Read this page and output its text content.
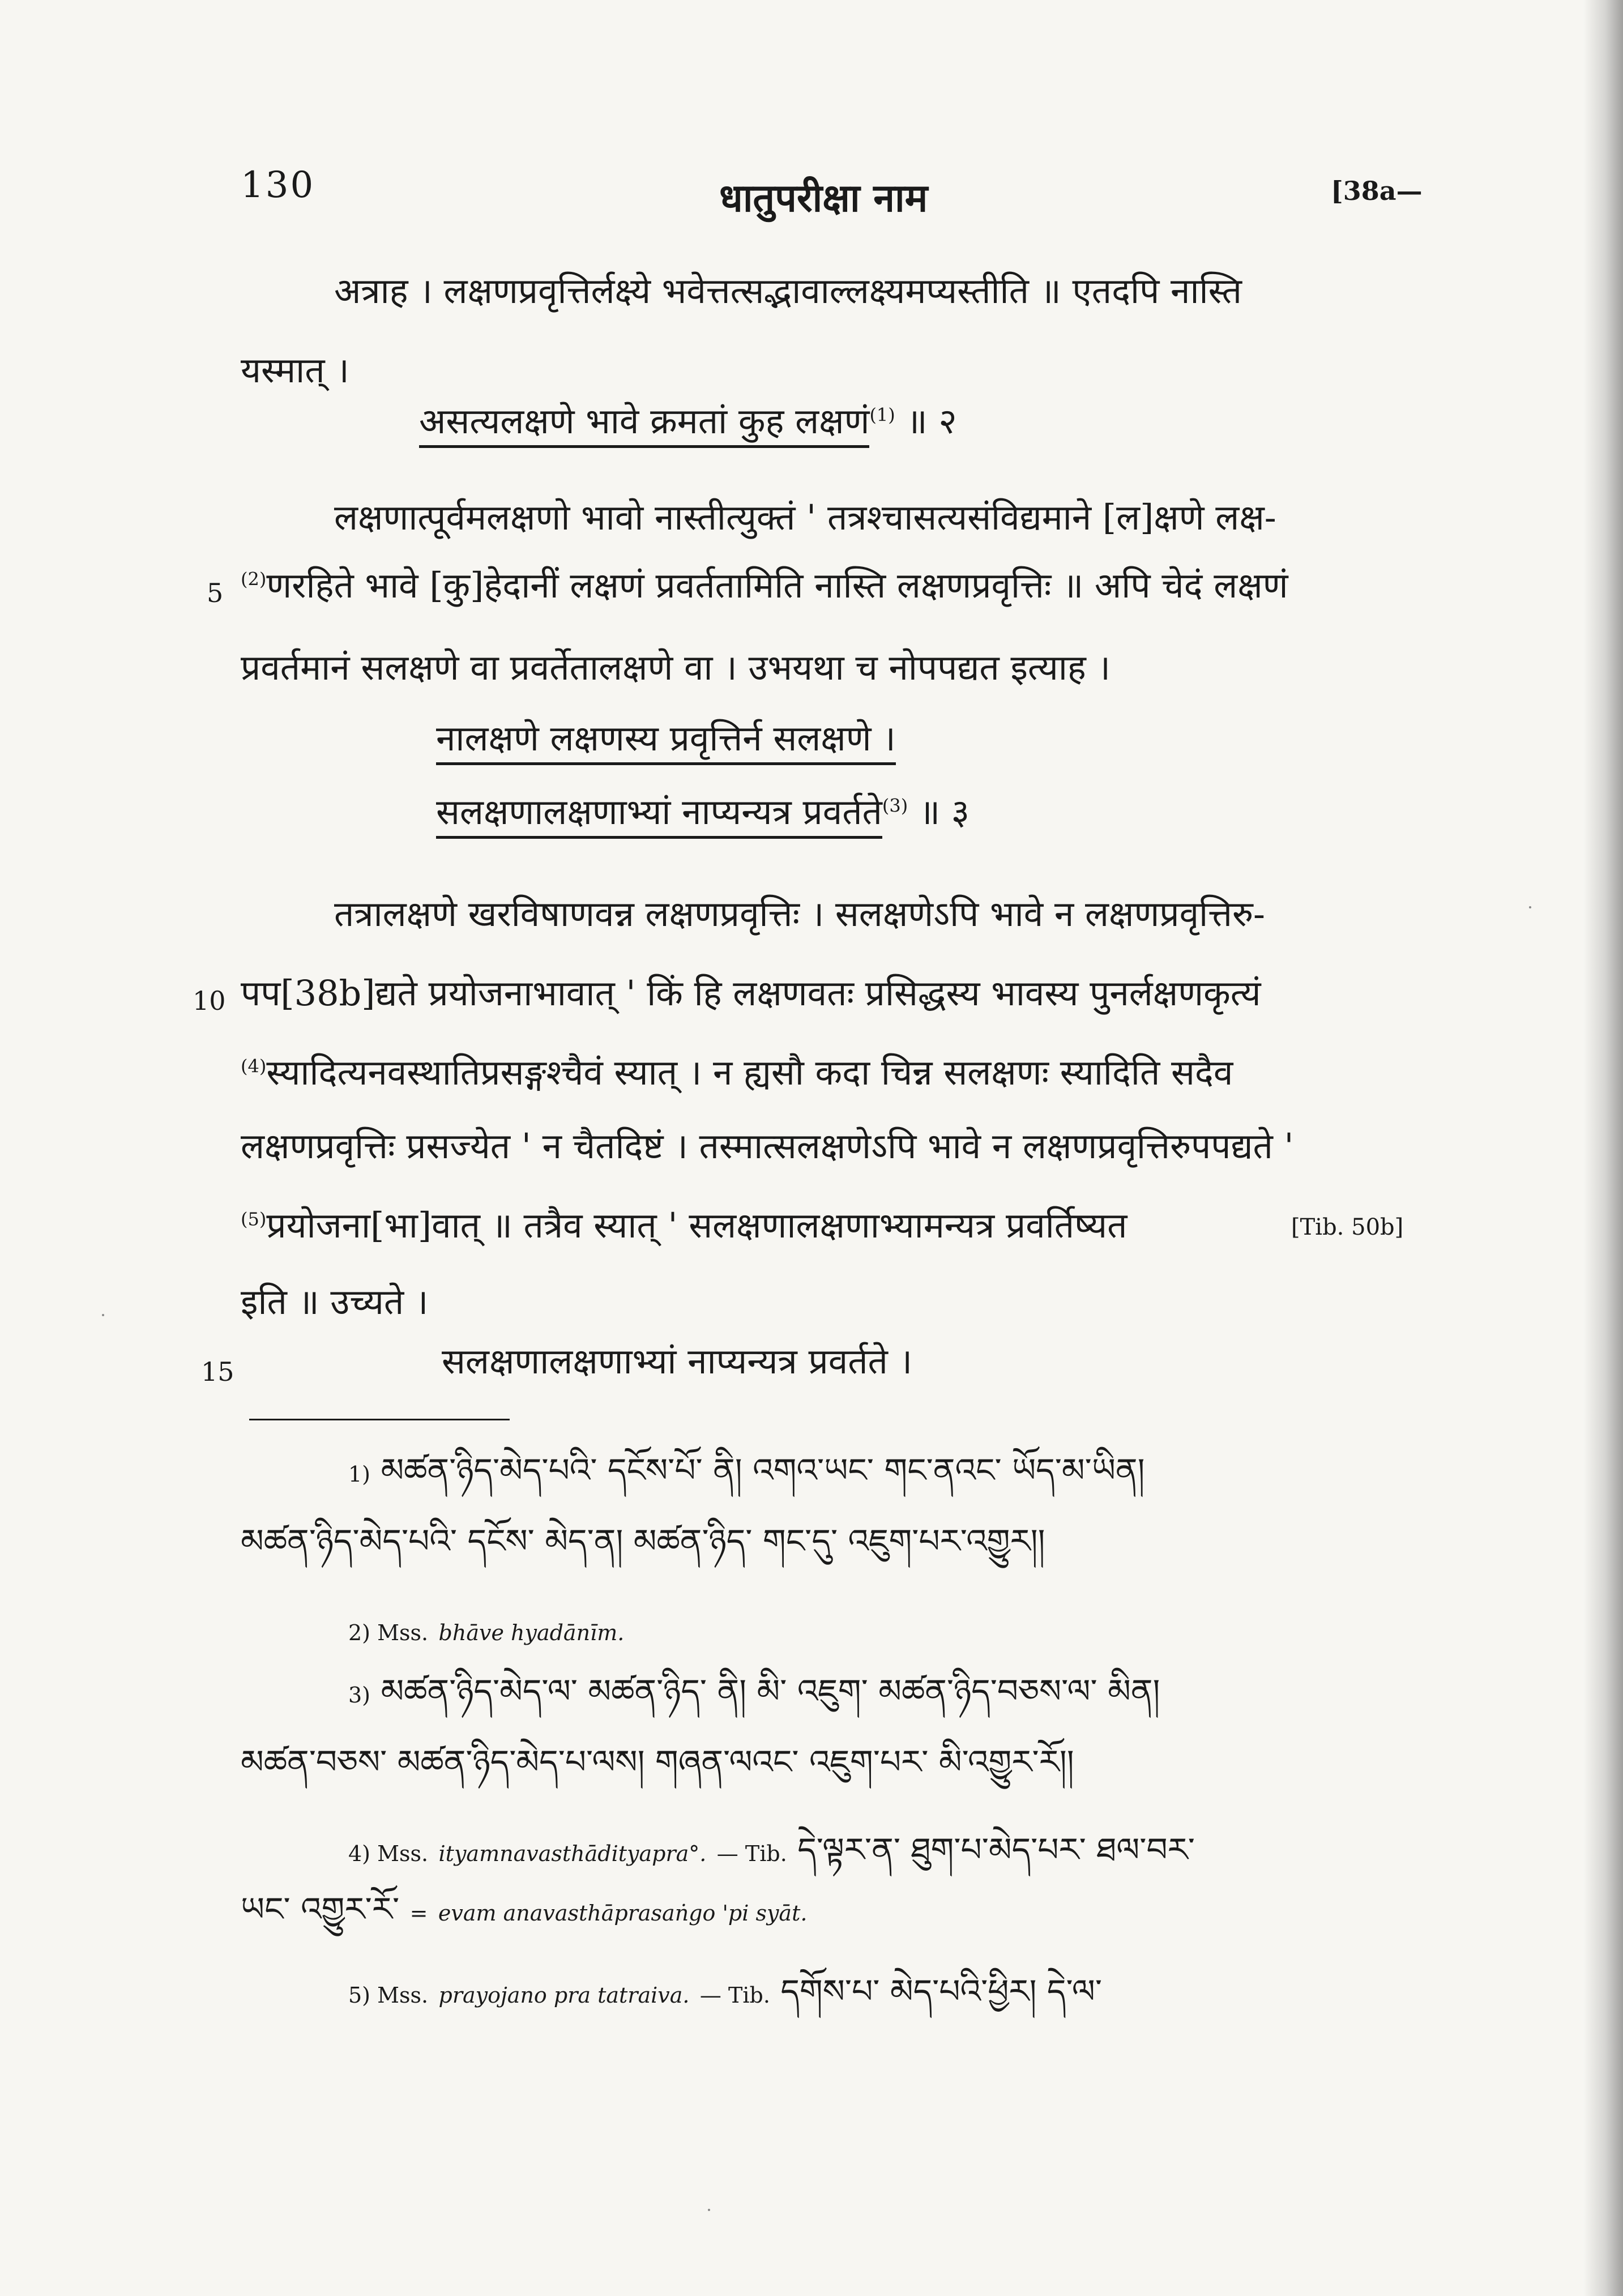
130	धातुपरीक्षा नाम	[38a—
अत्राह । लक्षणप्रवृत्तिर्लक्ष्ये भवेत्तत्सद्भावाल्लक्ष्यमप्यस्तीति ॥ एतदपि नास्ति
यस्मात् ।
असत्यलक्षणे भावे क्रमतां कुह लक्षणं$^{(1)}$ ॥ २
लक्षणात्पूर्वमलक्षणो भावो नास्तीत्युक्तं ' तत्रश्चासत्यसंविद्यमाने [ल]क्षणे लक्ष-
5 $^{(2)}$णरहिते भावे [कु]हेदानीं लक्षणं प्रवर्ततामिति नास्ति लक्षणप्रवृत्तिः ॥ अपि चेदं लक्षणं
प्रवर्तमानं सलक्षणे वा प्रवर्तेतालक्षणे वा । उभयथा च नोपपद्यत इत्याह ।
नालक्षणे लक्षणस्य प्रवृत्तिर्न सलक्षणे ।
सलक्षणालक्षणाभ्यां नाप्यन्यत्र प्रवर्तते$^{(3)}$ ॥ ३
तत्रालक्षणे खरविषाणवन्न लक्षणप्रवृत्तिः । सलक्षणेऽपि भावे न लक्षणप्रवृत्तिरु-
10 पप[38b]द्यते प्रयोजनाभावात् ' किं हि लक्षणवतः प्रसिद्धस्य भावस्य पुनर्लक्षणकृत्यं
$^{(4)}$स्यादित्यनवस्थातिप्रसङ्गश्चैवं स्यात् । न ह्यसौ कदा चिन्न सलक्षणः स्यादिति सदैव
लक्षणप्रवृत्तिः प्रसज्येत ' न चैतदिष्टं । तस्मात्सलक्षणेऽपि भावे न लक्षणप्रवृत्तिरुपपद्यते '
$^{(5)}$प्रयोजना[भा]वात् ॥ तत्रैव स्यात् ' सलक्षणालक्षणाभ्यामन्यत्र प्रवर्तिष्यत	[Tib. 50b]
इति ॥ उच्यते ।
15	सलक्षणालक्षणाभ्यां नाप्यन्यत्र प्रवर्तते ।
1) མཚན་ཉིད་མེད་པའི་ དངོས་པོ་ ནི། འགའ་ཡང་ གང་ནའང་ ཡོད་མ་ཡིན།
མཚན་ཉིད་མེད་པའི་ དངོས་ མེད་ན། མཚན་ཉིད་ གང་དུ་ འཇུག་པར་འགྱུར།།
2) Mss. bhāve hyadānīm.
3) མཚན་ཉིད་མེད་ལ་ མཚན་ཉིད་ ནི། མི་ འཇུག་ མཚན་ཉིད་བཅས་ལ་ མིན།
མཚན་བཅས་ མཚན་ཉིད་མེད་པ་ལས། གཞན་ལའང་ འཇུག་པར་ མི་འགྱུར་རོ།།
4) Mss. ityamnavasthādityapra°. — Tib. དེ་ལྟར་ན་ ཐུག་པ་མེད་པར་ ཐལ་བར་
ཡང་ འགྱུར་རོ་ = evam anavasthāprasaṅgo 'pi syāt.
5) Mss. prayojano pra tatraiva. — Tib. དགོས་པ་ མེད་པའི་ཕྱིར། དེ་ལ་
